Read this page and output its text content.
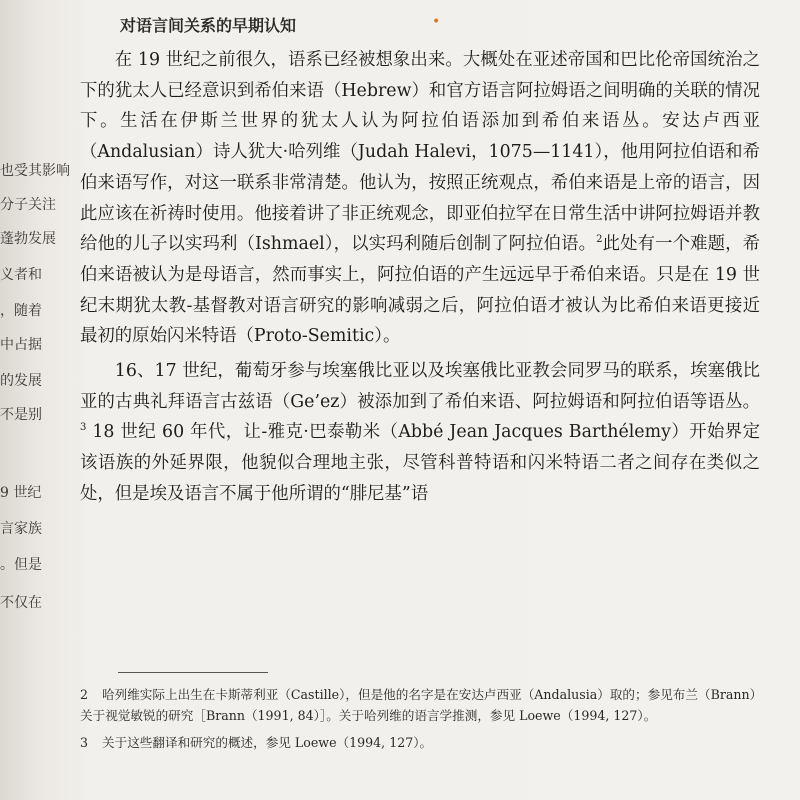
也受其影响
分子关注
蓬勃发展
义者和
，随着
中占据
的发展
不是别
9 世纪
言家族
。但是
不仅在
对语言间关系的早期认知	•

在 19 世纪之前很久，语系已经被想象出来。大概处在亚述帝国和巴比伦帝国统治之下的犹太人已经意识到希伯来语（Hebrew）和官方语言阿拉姆语之间明确的关联的情况下。生活在伊斯兰世界的犹太人认为阿拉伯语添加到希伯来语丛。安达卢西亚（Andalusian）诗人犹大·哈列维（Judah Halevi，1075—1141），他用阿拉伯语和希伯来语写作，对这一联系非常清楚。他认为，按照正统观点，希伯来语是上帝的语言，因此应该在祈祷时使用。他接着讲了非正统观念，即亚伯拉罕在日常生活中讲阿拉姆语并教给他的儿子以实玛利（Ishmael），以实玛利随后创制了阿拉伯语。$^2$此处有一个难题，希伯来语被认为是母语言，然而事实上，阿拉伯语的产生远远早于希伯来语。只是在 19 世纪末期犹太教-基督教对语言研究的影响减弱之后，阿拉伯语才被认为比希伯来语更接近最初的原始闪米特语（Proto-Semitic）。

16、17 世纪，葡萄牙参与埃塞俄比亚以及埃塞俄比亚教会同罗马的联系，埃塞俄比亚的古典礼拜语言古兹语（Ge’ez）被添加到了希伯来语、阿拉姆语和阿拉伯语等语丛。$^3$ 18 世纪 60 年代，让-雅克·巴泰勒米（Abbé Jean Jacques Barthélemy）开始界定该语族的外延界限，他貌似合理地主张，尽管科普特语和闪米特语二者之间存在类似之处，但是埃及语言不属于他所谓的“腓尼基”语

2 哈列维实际上出生在卡斯蒂利亚（Castille），但是他的名字是在安达卢西亚（Andalusia）取的；参见布兰（Brann）关于视觉敏锐的研究［Brann（1991, 84）］。关于哈列维的语言学推测，参见 Loewe（1994, 127）。

3 关于这些翻译和研究的概述，参见 Loewe（1994, 127）。
